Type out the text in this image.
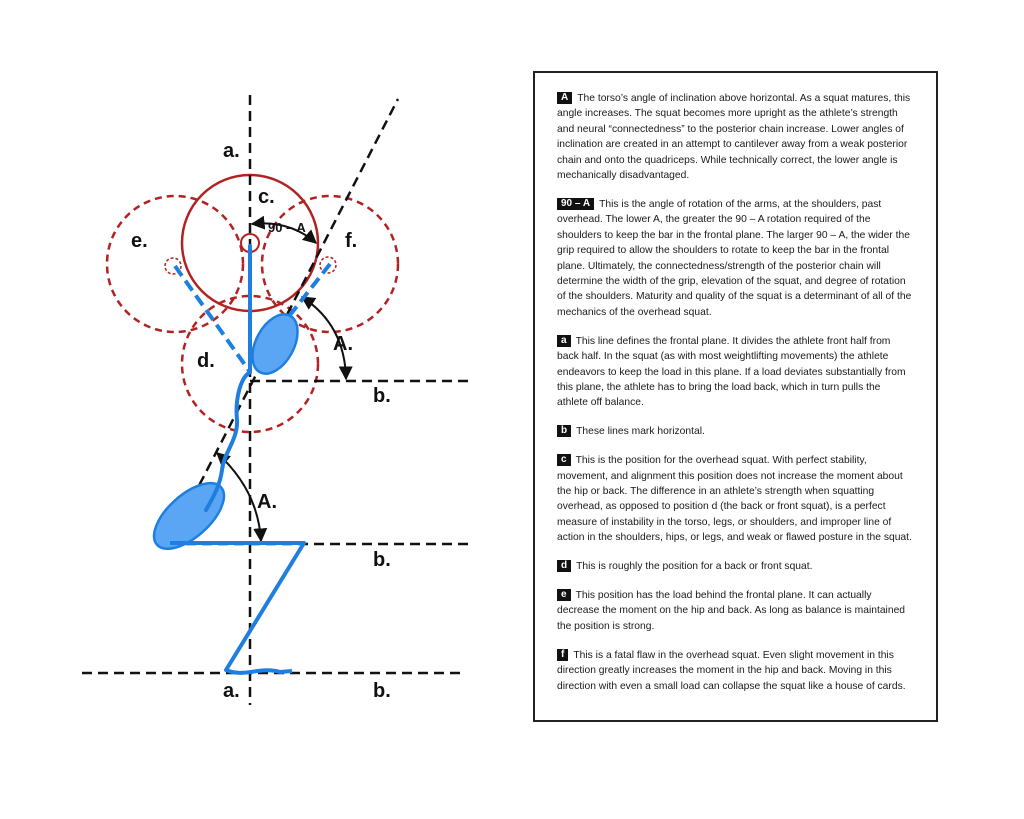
a.
a.
b.
b.
b.
c.
d.
e.	f.
A.
A.
90 – A

A The torso’s angle of inclination above horizontal. As a squat matures, this angle increases. The squat becomes more upright as the athlete’s strength and neural “connectedness” to the posterior chain increase. Lower angles of inclination are created in an attempt to cantilever away from a weak posterior chain and onto the quadriceps. While technically correct, the lower angle is mechanically disadvantaged.

90 – A This is the angle of rotation of the arms, at the shoulders, past overhead. The lower A, the greater the 90 – A rotation required of the shoulders to keep the bar in the frontal plane. The larger 90 – A, the wider the grip required to allow the shoulders to rotate to keep the bar in the frontal plane. Ultimately, the connectedness/strength of the posterior chain will determine the width of the grip, elevation of the squat, and degree of rotation of the shoulders. Maturity and quality of the squat is a determinant of all of the mechanics of the overhead squat.

a This line defines the frontal plane. It divides the athlete front half from back half. In the squat (as with most weightlifting movements) the athlete endeavors to keep the load in this plane. If a load deviates substantially from this plane, the athlete has to bring the load back, which in turn pulls the athlete off balance.

b These lines mark horizontal.

c This is the position for the overhead squat. With perfect stability, movement, and alignment this position does not increase the moment about the hip or back. The difference in an athlete’s strength when squatting overhead, as opposed to position d (the back or front squat), is a perfect measure of instability in the torso, legs, or shoulders, and improper line of action in the shoulders, hips, or legs, and weak or flawed posture in the squat.

d This is roughly the position for a back or front squat.

e This position has the load behind the frontal plane. It can actually decrease the moment on the hip and back. As long as balance is maintained the position is strong.

f This is a fatal flaw in the overhead squat. Even slight movement in this direction greatly increases the moment in the hip and back. Moving in this direction with even a small load can collapse the squat like a house of cards.
